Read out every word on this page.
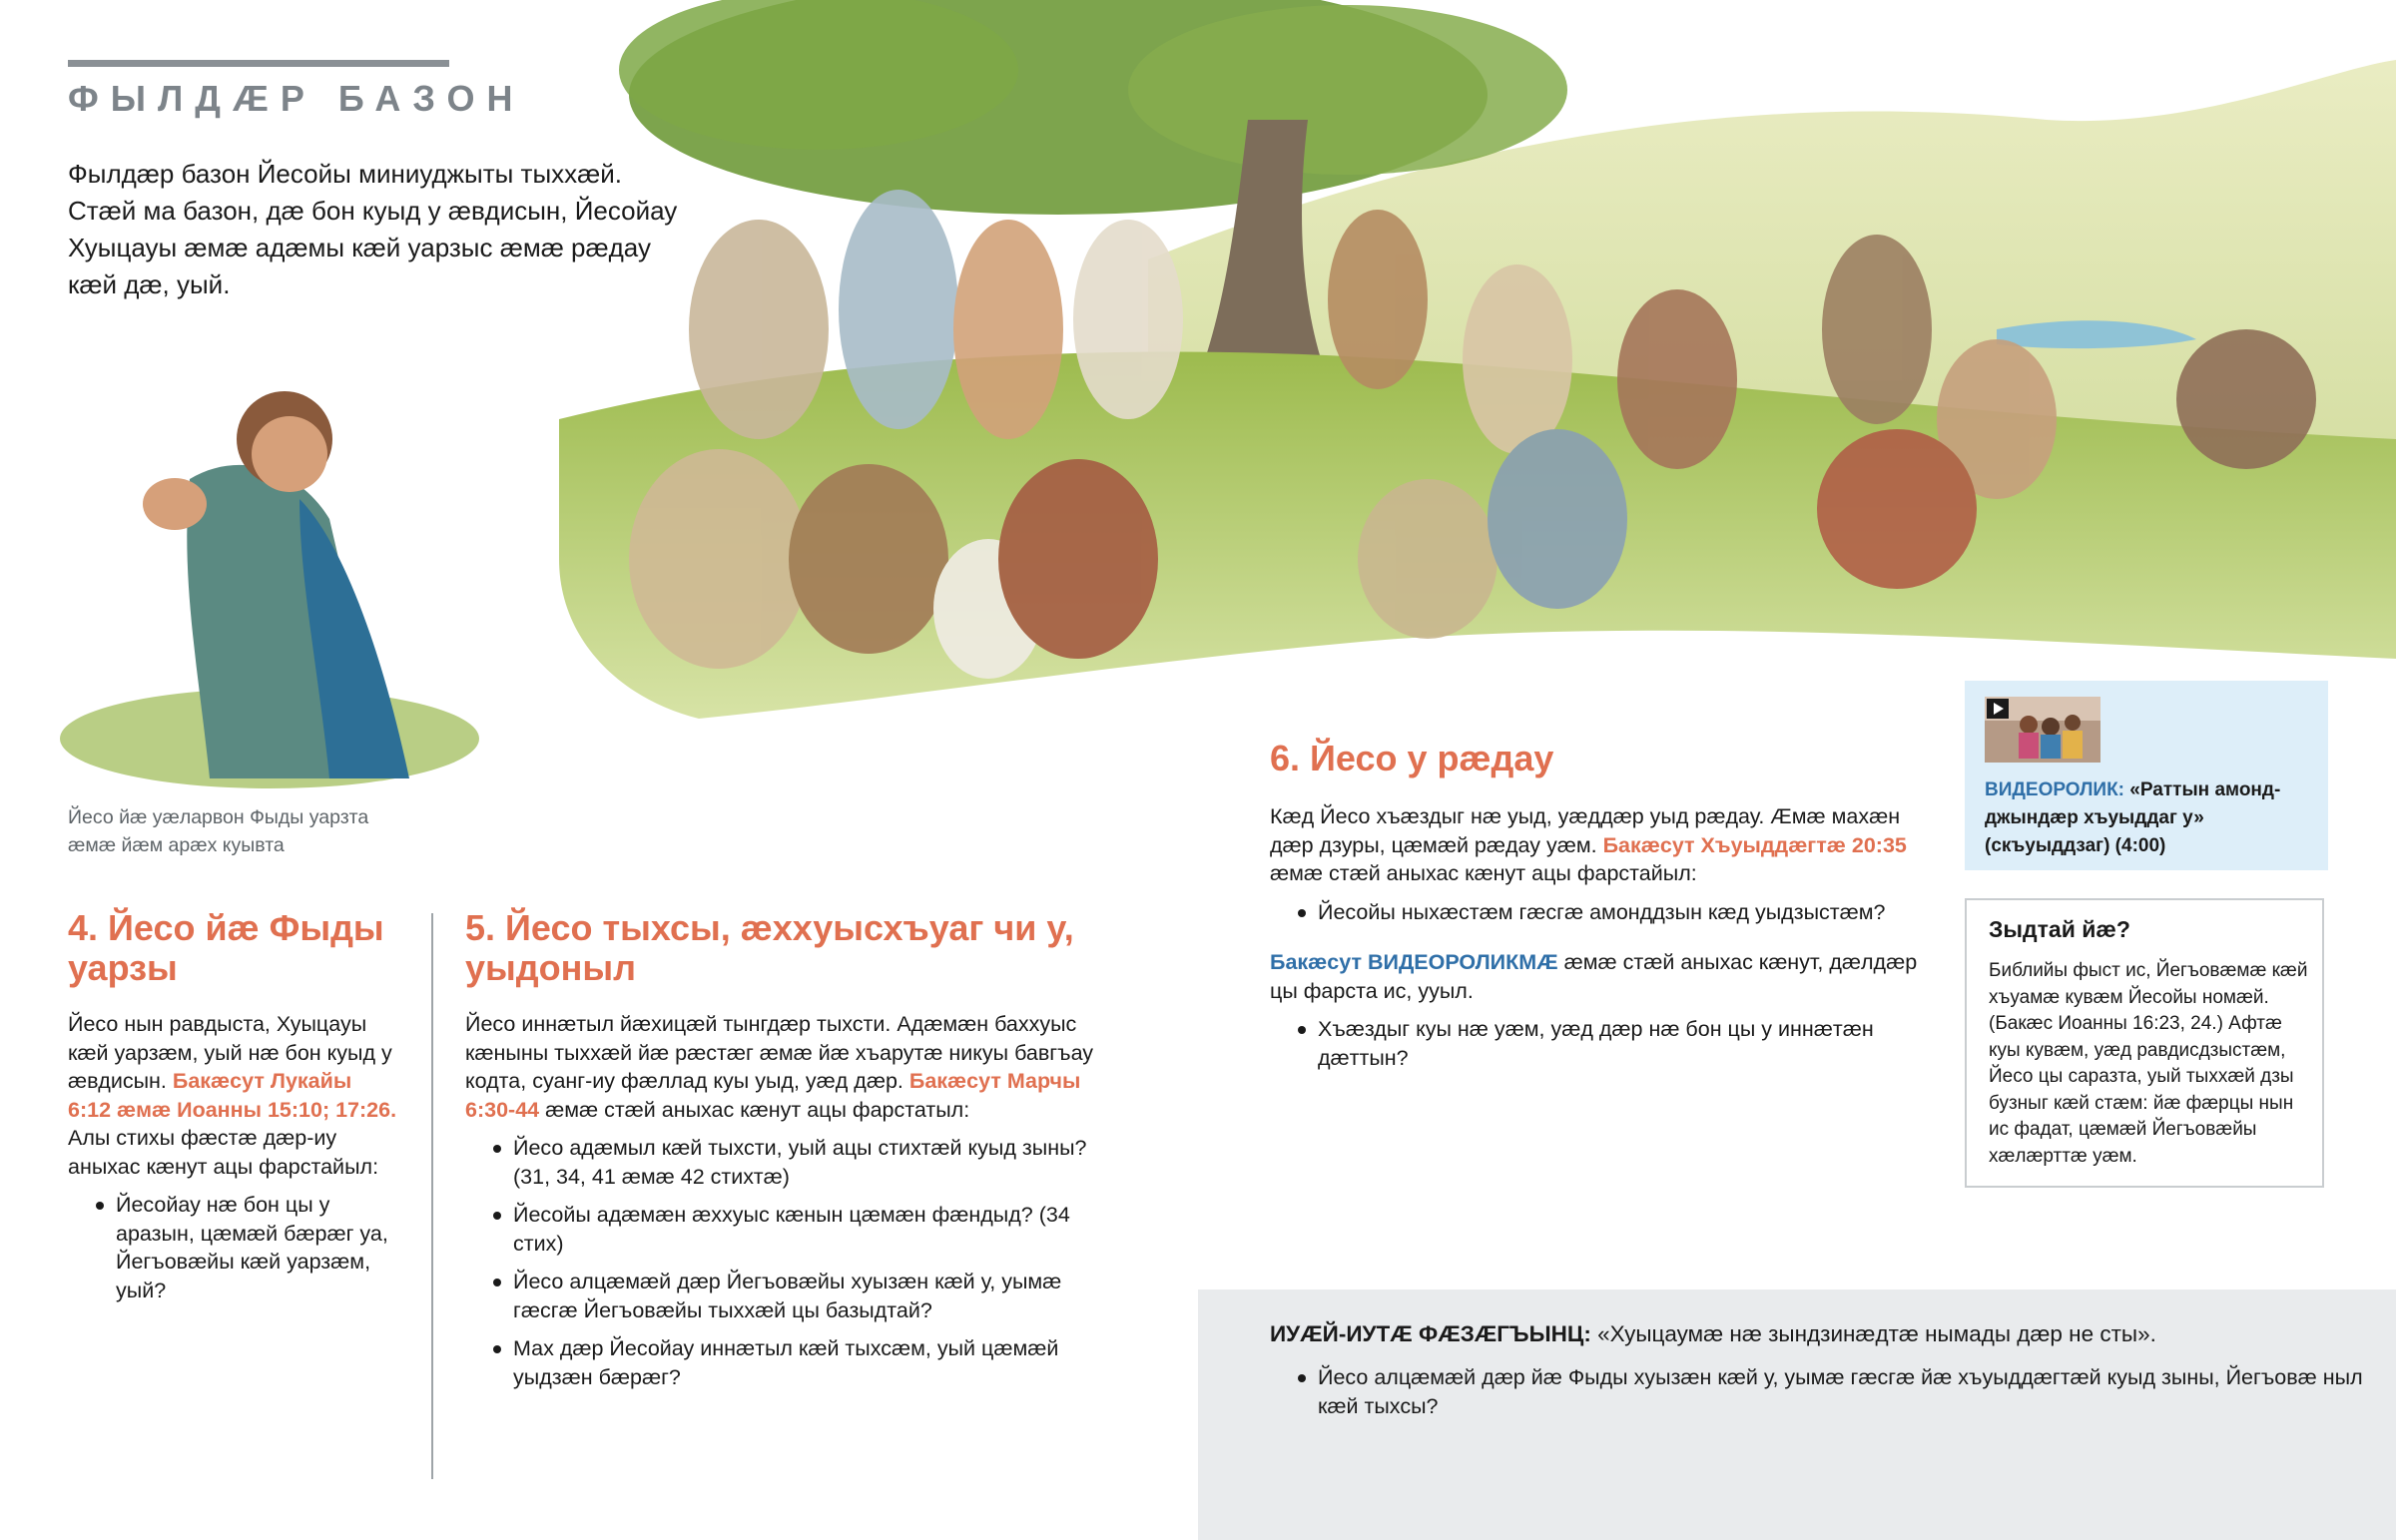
ФЫЛДÆР БАЗОН
Фылдæр базон Йесойы миниуджыты тыххæй. Стæй ма базон, дæ бон куыд у æвдисын, Йесойау Хуыцауы æмæ адæмы кæй уарзыс æмæ рæдау кæй дæ, уый.
Йесо йæ уæларвон Фыды уарзта æмæ йæм арæх куывта
4. Йесо йæ Фыды уарзы
Йесо нын равдыста, Хуыцауы кæй уарзæм, уый нæ бон куыд у æвдисын. Бакæсут Лукайы 6:12 æмæ Иоанны 15:10; 17:26. Алы стихы фæстæ дæр-иу аныхас кæнут ацы фарстайыл:
Йесойау нæ бон цы у аразын, цæмæй бæрæг уа, Йегъовæйы кæй уарзæм, уый?
5. Йесо тыхсы, æххуысхъуаг чи у, уыдоныл
Йесо иннæтыл йæхицæй тынгдæр тыхсти. Адæмæн баххуыс кæныны тыххæй йæ рæстæг æмæ йæ хъарутæ никуы бавгъау кодта, суанг-иу фæллад куы уыд, уæд дæр. Бакæсут Марчы 6:30-44 æмæ стæй аныхас кæнут ацы фарстатыл:
Йесо адæмыл кæй тыхсти, уый ацы стихтæй куыд зыны? (31, 34, 41 æмæ 42 стихтæ)
Йесойы адæмæн æххуыс кæнын цæмæн фæндыд? (34 стих)
Йесо алцæмæй дæр Йегъовæйы хуызæн кæй у, уымæ гæсгæ Йегъовæйы тыххæй цы базыдтай?
Мах дæр Йесойау иннæтыл кæй тыхсæм, уый цæмæй уыдзæн бæрæг?
6. Йесо у рæдау
Кæд Йесо хъæздыг нæ уыд, уæддæр уыд рæдау. Æмæ махæн дæр дзуры, цæмæй рæдау уæм. Бакæсут Хъуыддæгтæ 20:35 æмæ стæй аныхас кæнут ацы фарстайыл:
Йесойы ныхæстæм гæсгæ амонддзын кæд уыдзыстæм?
Бакæсут ВИДЕОРОЛИКМÆ æмæ стæй аныхас кæнут, дæлдæр цы фарста ис, ууыл.
Хъæздыг куы нæ уæм, уæд дæр нæ бон цы у иннæтæн дæттын?
ВИДЕОРОЛИК: «Раттын амонд-джындæр хъуыддаг у» (скъуыддзаг) (4:00)
Зыдтай йæ?
Библийы фыст ис, Йегъовæмæ кæй хъуамæ кувæм Йесойы номæй. (Бакæс Иоанны 16:23, 24.) Афтæ куы кувæм, уæд равдисдзыстæм, Йесо цы саразта, уый тыххæй дзы бузныг кæй стæм: йæ фæрцы нын ис фадат, цæмæй Йегъовæйы хæлæрттæ уæм.
ИУÆЙ-ИУТÆ ФÆЗÆГЪЫНЦ: «Хуыцаумæ нæ зындзинæдтæ нымады дæр не сты».
Йесо алцæмæй дæр йæ Фыды хуызæн кæй у, уымæ гæсгæ йæ хъуыддæгтæй куыд зыны, Йегъовæ ныл кæй тыхсы?
